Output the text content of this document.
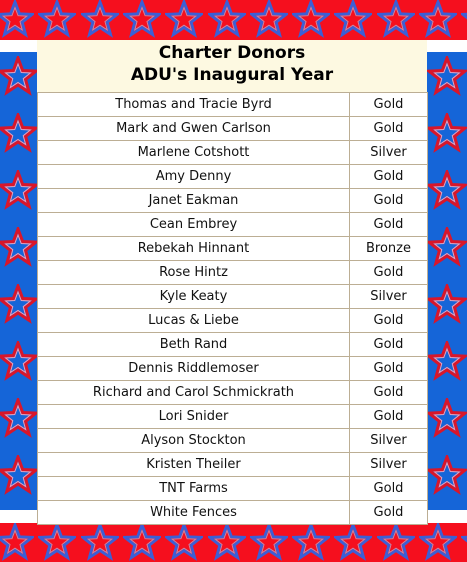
Charter Donors
ADU's Inaugural Year
Thomas and Tracie Byrd	Gold
Mark and Gwen Carlson	Gold
Marlene Cotshott	Silver
Amy Denny	Gold
Janet Eakman	Gold
Cean Embrey	Gold
Rebekah Hinnant	Bronze
Rose Hintz	Gold
Kyle Keaty	Silver
Lucas & Liebe	Gold
Beth Rand	Gold
Dennis Riddlemoser	Gold
Richard and Carol Schmickrath	Gold
Lori Snider	Gold
Alyson Stockton	Silver
Kristen Theiler	Silver
TNT Farms	Gold
White Fences	Gold
